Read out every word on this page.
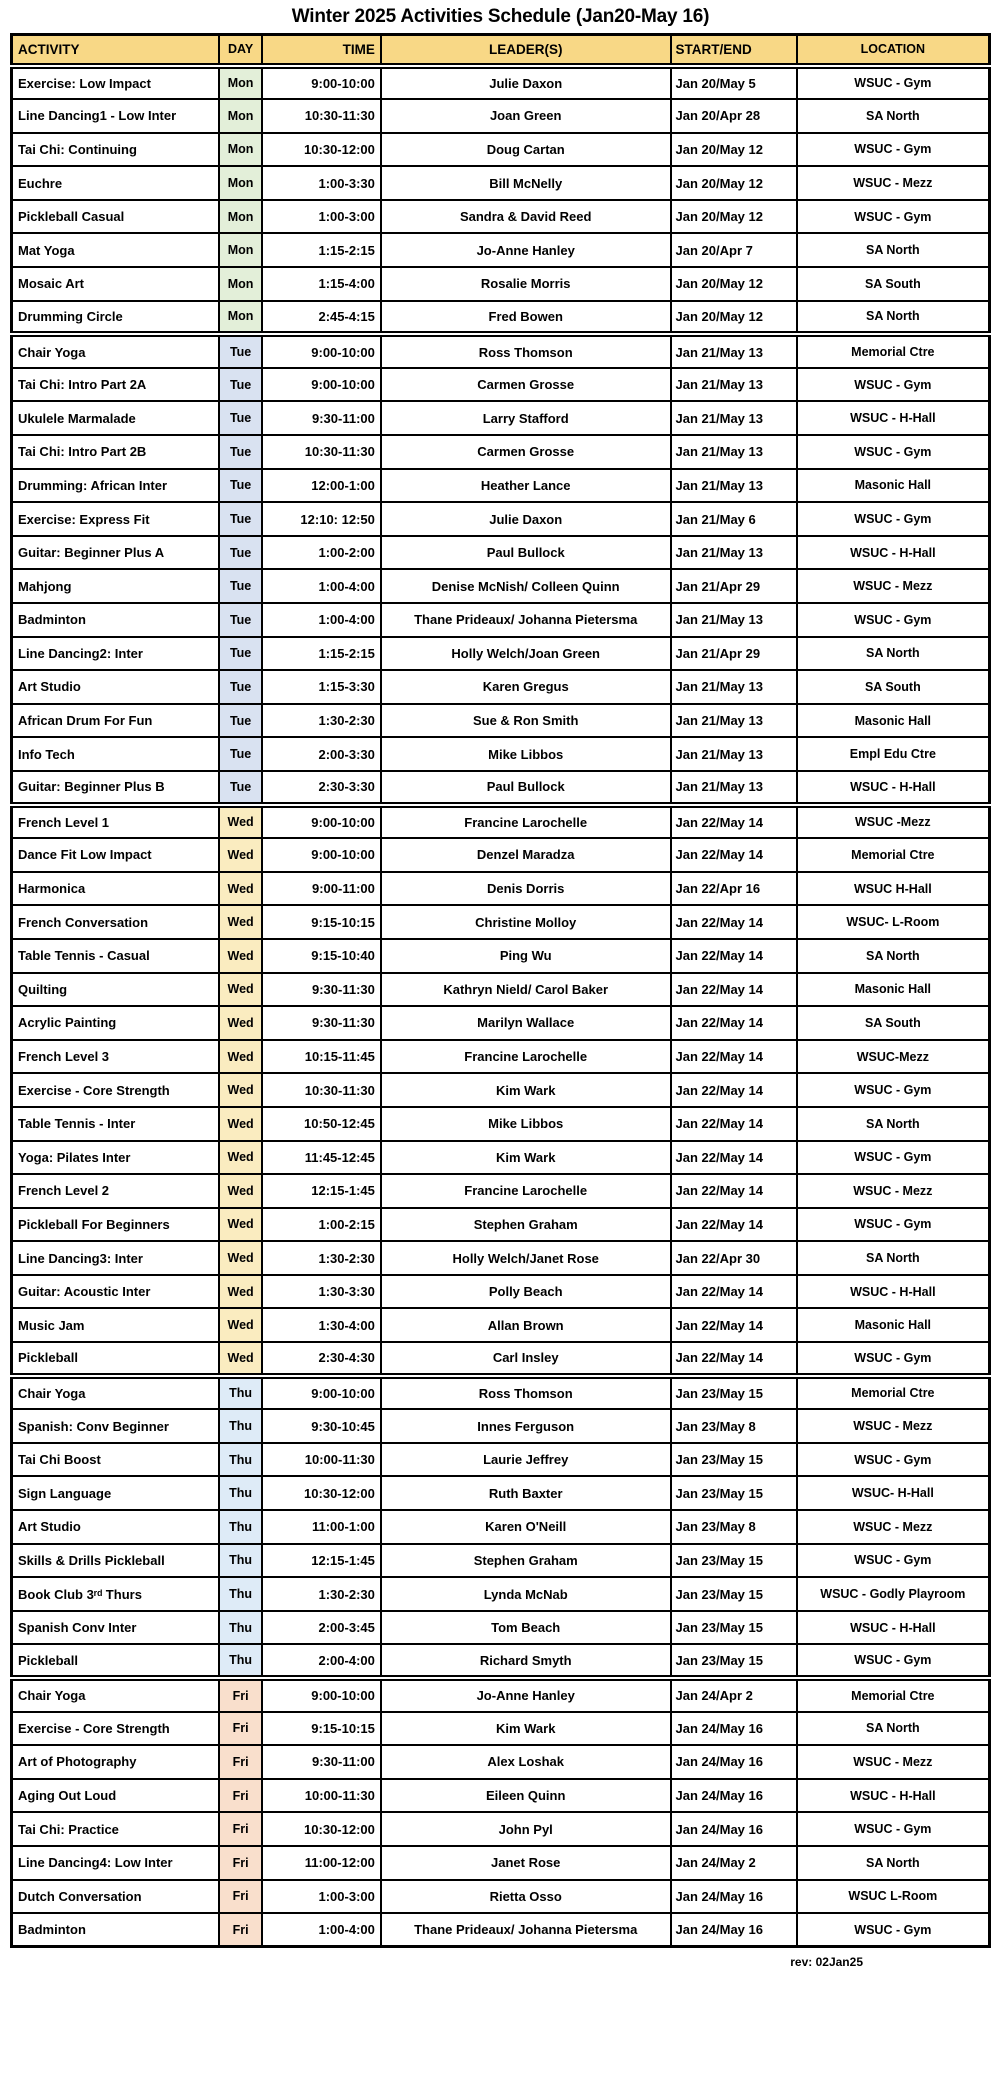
Winter 2025 Activities Schedule (Jan20-May 16)
ACTIVITY	DAY	TIME	LEADER(S)	START/END	LOCATION
Exercise: Low Impact	Mon	9:00-10:00	Julie Daxon	Jan 20/May 5	WSUC - Gym
Line Dancing1 - Low Inter	Mon	10:30-11:30	Joan Green	Jan 20/Apr 28	SA North
Tai Chi: Continuing	Mon	10:30-12:00	Doug Cartan	Jan 20/May 12	WSUC - Gym
Euchre	Mon	1:00-3:30	Bill McNelly	Jan 20/May 12	WSUC - Mezz
Pickleball Casual	Mon	1:00-3:00	Sandra & David Reed	Jan 20/May 12	WSUC - Gym
Mat Yoga	Mon	1:15-2:15	Jo-Anne Hanley	Jan 20/Apr 7	SA North
Mosaic Art	Mon	1:15-4:00	Rosalie Morris	Jan 20/May 12	SA South
Drumming Circle	Mon	2:45-4:15	Fred Bowen	Jan 20/May 12	SA North
Chair Yoga	Tue	9:00-10:00	Ross Thomson	Jan 21/May 13	Memorial Ctre
Tai Chi: Intro Part 2A	Tue	9:00-10:00	Carmen Grosse	Jan 21/May 13	WSUC - Gym
Ukulele Marmalade	Tue	9:30-11:00	Larry Stafford	Jan 21/May 13	WSUC - H-Hall
Tai Chi: Intro Part 2B	Tue	10:30-11:30	Carmen Grosse	Jan 21/May 13	WSUC - Gym
Drumming: African Inter	Tue	12:00-1:00	Heather Lance	Jan 21/May 13	Masonic Hall
Exercise: Express Fit	Tue	12:10: 12:50	Julie Daxon	Jan 21/May 6	WSUC - Gym
Guitar: Beginner Plus A	Tue	1:00-2:00	Paul Bullock	Jan 21/May 13	WSUC - H-Hall
Mahjong	Tue	1:00-4:00	Denise McNish/ Colleen Quinn	Jan 21/Apr 29	WSUC - Mezz
Badminton	Tue	1:00-4:00	Thane Prideaux/ Johanna Pietersma	Jan 21/May 13	WSUC - Gym
Line Dancing2: Inter	Tue	1:15-2:15	Holly Welch/Joan Green	Jan 21/Apr 29	SA North
Art Studio	Tue	1:15-3:30	Karen Gregus	Jan 21/May 13	SA South
African Drum For Fun	Tue	1:30-2:30	Sue & Ron Smith	Jan 21/May 13	Masonic Hall
Info Tech	Tue	2:00-3:30	Mike Libbos	Jan 21/May 13	Empl Edu Ctre
Guitar: Beginner Plus B	Tue	2:30-3:30	Paul Bullock	Jan 21/May 13	WSUC - H-Hall
French Level 1	Wed	9:00-10:00	Francine Larochelle	Jan 22/May 14	WSUC -Mezz
Dance Fit Low Impact	Wed	9:00-10:00	Denzel Maradza	Jan 22/May 14	Memorial Ctre
Harmonica	Wed	9:00-11:00	Denis Dorris	Jan 22/Apr 16	WSUC H-Hall
French Conversation	Wed	9:15-10:15	Christine Molloy	Jan 22/May 14	WSUC- L-Room
Table Tennis - Casual	Wed	9:15-10:40	Ping Wu	Jan 22/May 14	SA North
Quilting	Wed	9:30-11:30	Kathryn Nield/ Carol Baker	Jan 22/May 14	Masonic Hall
Acrylic Painting	Wed	9:30-11:30	Marilyn Wallace	Jan 22/May 14	SA South
French Level 3	Wed	10:15-11:45	Francine Larochelle	Jan 22/May 14	WSUC-Mezz
Exercise - Core Strength	Wed	10:30-11:30	Kim Wark	Jan 22/May 14	WSUC - Gym
Table Tennis - Inter	Wed	10:50-12:45	Mike Libbos	Jan 22/May 14	SA North
Yoga: Pilates Inter	Wed	11:45-12:45	Kim Wark	Jan 22/May 14	WSUC - Gym
French Level 2	Wed	12:15-1:45	Francine Larochelle	Jan 22/May 14	WSUC - Mezz
Pickleball For Beginners	Wed	1:00-2:15	Stephen Graham	Jan 22/May 14	WSUC - Gym
Line Dancing3: Inter	Wed	1:30-2:30	Holly Welch/Janet Rose	Jan 22/Apr 30	SA North
Guitar: Acoustic Inter	Wed	1:30-3:30	Polly Beach	Jan 22/May 14	WSUC - H-Hall
Music Jam	Wed	1:30-4:00	Allan Brown	Jan 22/May 14	Masonic Hall
Pickleball	Wed	2:30-4:30	Carl Insley	Jan 22/May 14	WSUC - Gym
Chair Yoga	Thu	9:00-10:00	Ross Thomson	Jan 23/May 15	Memorial Ctre
Spanish: Conv Beginner	Thu	9:30-10:45	Innes Ferguson	Jan 23/May 8	WSUC - Mezz
Tai Chi Boost	Thu	10:00-11:30	Laurie Jeffrey	Jan 23/May 15	WSUC - Gym
Sign Language	Thu	10:30-12:00	Ruth Baxter	Jan 23/May 15	WSUC- H-Hall
Art Studio	Thu	11:00-1:00	Karen O'Neill	Jan 23/May 8	WSUC - Mezz
Skills & Drills Pickleball	Thu	12:15-1:45	Stephen Graham	Jan 23/May 15	WSUC - Gym
Book Club 3ʳᵈ Thurs	Thu	1:30-2:30	Lynda McNab	Jan 23/May 15	WSUC - Godly Playroom
Spanish Conv Inter	Thu	2:00-3:45	Tom Beach	Jan 23/May 15	WSUC - H-Hall
Pickleball	Thu	2:00-4:00	Richard Smyth	Jan 23/May 15	WSUC - Gym
Chair Yoga	Fri	9:00-10:00	Jo-Anne Hanley	Jan 24/Apr 2	Memorial Ctre
Exercise - Core Strength	Fri	9:15-10:15	Kim Wark	Jan 24/May 16	SA North
Art of Photography	Fri	9:30-11:00	Alex Loshak	Jan 24/May 16	WSUC - Mezz
Aging Out Loud	Fri	10:00-11:30	Eileen Quinn	Jan 24/May 16	WSUC - H-Hall
Tai Chi: Practice	Fri	10:30-12:00	John Pyl	Jan 24/May 16	WSUC - Gym
Line Dancing4: Low Inter	Fri	11:00-12:00	Janet Rose	Jan 24/May 2	SA North
Dutch Conversation	Fri	1:00-3:00	Rietta Osso	Jan 24/May 16	WSUC L-Room
Badminton	Fri	1:00-4:00	Thane Prideaux/ Johanna Pietersma	Jan 24/May 16	WSUC - Gym
rev: 02Jan25
